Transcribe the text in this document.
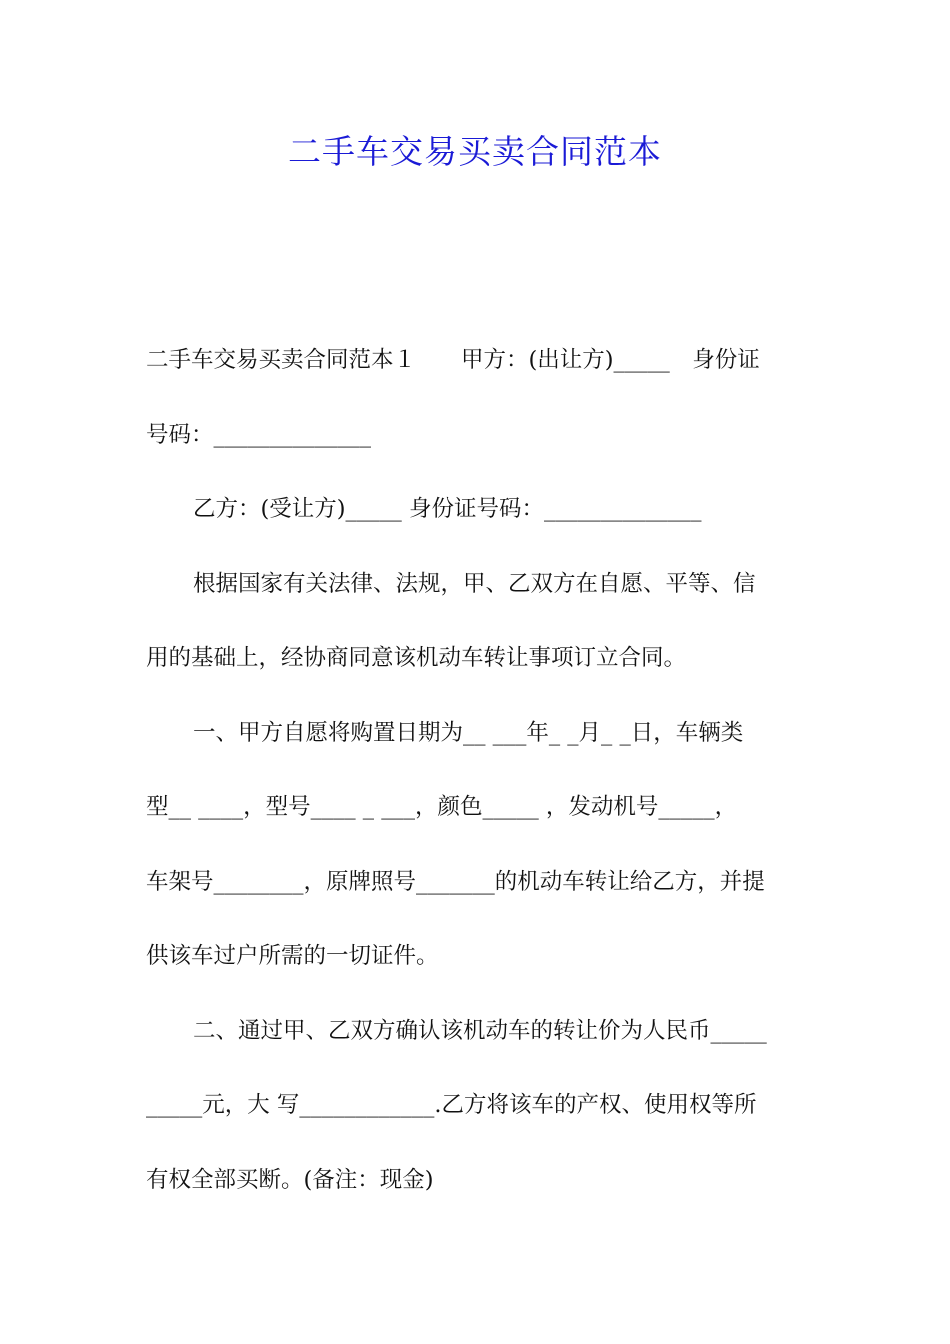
二手车交易买卖合同范本
二手车交易买卖合同范本１　　甲方：(出让方)_____　身份证
号码：______________
乙方：(受让方)_____ 身份证号码：______________
根据国家有关法律、法规，甲、乙双方在自愿、平等、信
用的基础上，经协商同意该机动车转让事项订立合同。
一、甲方自愿将购置日期为__ ___年_ _月_ _日，车辆类
型__ ____，型号____ _ ___，颜色_____ ，发动机号_____，
车架号________，原牌照号_______的机动车转让给乙方，并提
供该车过户所需的一切证件。
二、通过甲、乙双方确认该机动车的转让价为人民币_____
_____元，大 写____________.乙方将该车的产权、使用权等所
有权全部买断。(备注：现金)
